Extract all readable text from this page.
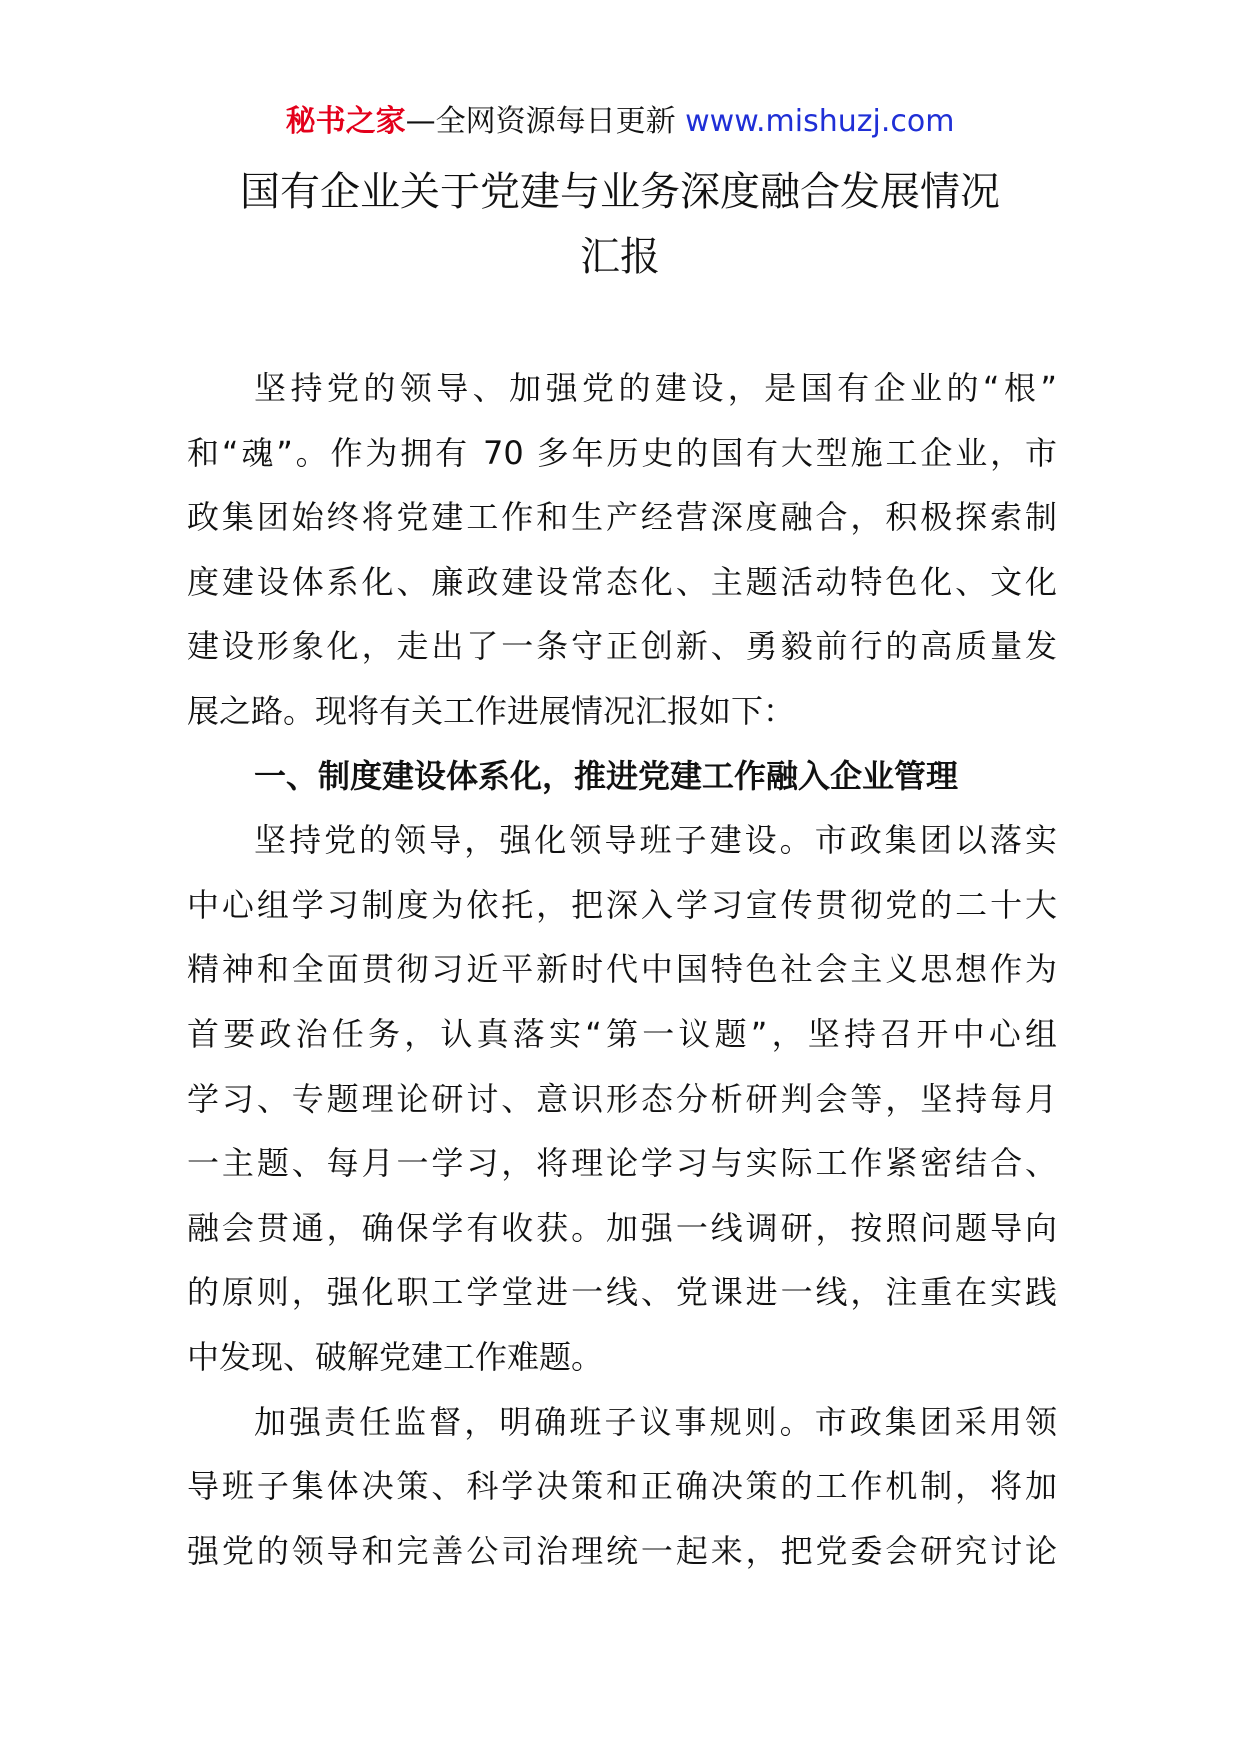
秘书之家—全网资源每日更新 www.mishuzj.com
国有企业关于党建与业务深度融合发展情况
汇报
坚持党的领导、加强党的建设，是国有企业的“根”
和“魂”。作为拥有 70 多年历史的国有大型施工企业，市
政集团始终将党建工作和生产经营深度融合，积极探索制
度建设体系化、廉政建设常态化、主题活动特色化、文化
建设形象化，走出了一条守正创新、勇毅前行的高质量发
展之路。现将有关工作进展情况汇报如下：
一、制度建设体系化，推进党建工作融入企业管理
坚持党的领导，强化领导班子建设。市政集团以落实
中心组学习制度为依托，把深入学习宣传贯彻党的二十大
精神和全面贯彻习近平新时代中国特色社会主义思想作为
首要政治任务，认真落实“第一议题”，坚持召开中心组
学习、专题理论研讨、意识形态分析研判会等，坚持每月
一主题、每月一学习，将理论学习与实际工作紧密结合、
融会贯通，确保学有收获。加强一线调研，按照问题导向
的原则，强化职工学堂进一线、党课进一线，注重在实践
中发现、破解党建工作难题。
加强责任监督，明确班子议事规则。市政集团采用领
导班子集体决策、科学决策和正确决策的工作机制，将加
强党的领导和完善公司治理统一起来，把党委会研究讨论
